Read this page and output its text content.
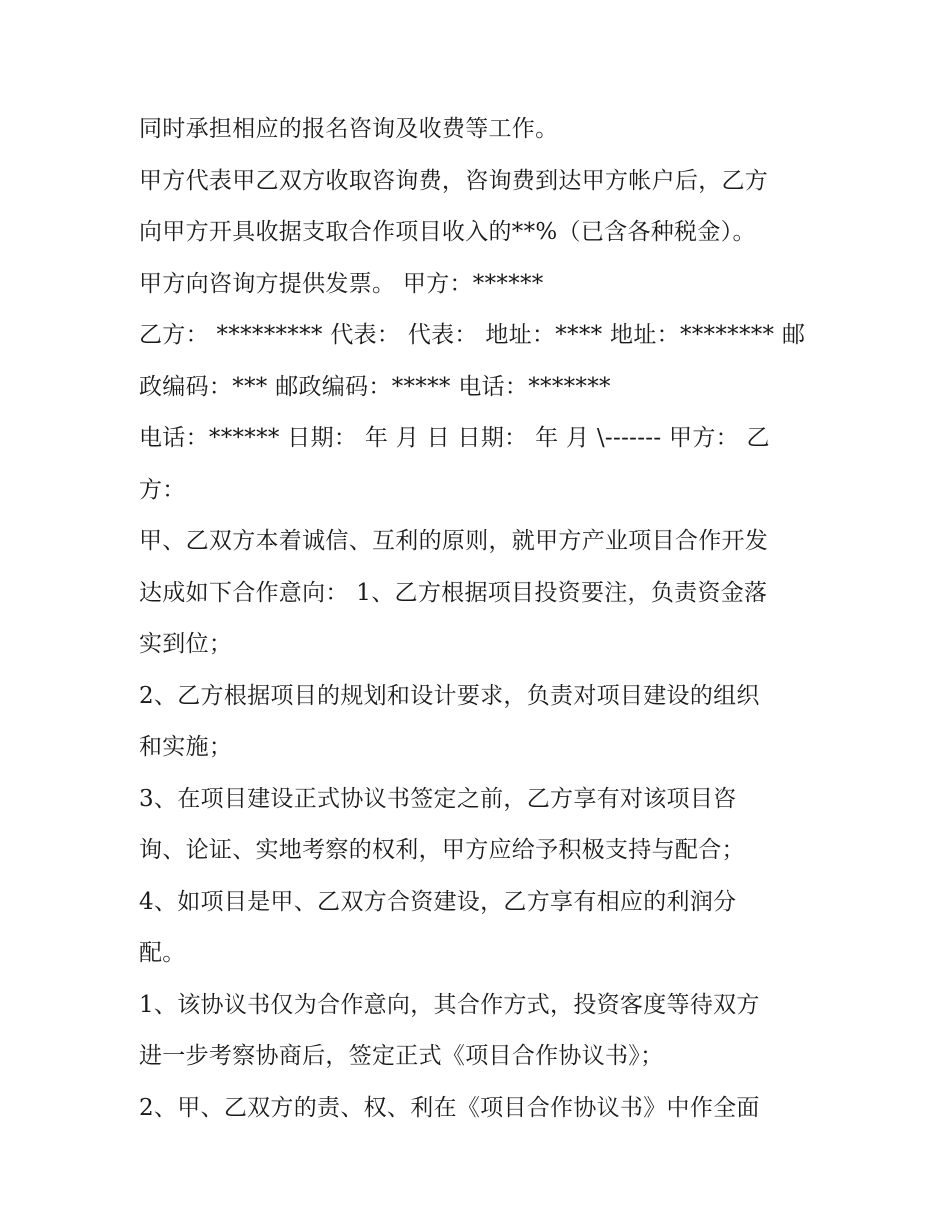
同时承担相应的报名咨询及收费等工作。
甲方代表甲乙双方收取咨询费，咨询费到达甲方帐户后，乙方
向甲方开具收据支取合作项目收入的**%（已含各种税金）。
甲方向咨询方提供发票。 甲方：******
乙方： ********* 代表： 代表： 地址：**** 地址：******** 邮
政编码：*** 邮政编码：***** 电话：*******
电话：****** 日期： 年 月 日 日期： 年 月 \------- 甲方： 乙
方：
甲、乙双方本着诚信、互利的原则，就甲方产业项目合作开发
达成如下合作意向： 1、乙方根据项目投资要注，负责资金落
实到位；
2、乙方根据项目的规划和设计要求，负责对项目建设的组织
和实施；
3、在项目建设正式协议书签定之前，乙方享有对该项目咨
询、论证、实地考察的权利，甲方应给予积极支持与配合；
4、如项目是甲、乙双方合资建设，乙方享有相应的利润分
配。
1、该协议书仅为合作意向，其合作方式，投资客度等待双方
进一步考察协商后，签定正式《项目合作协议书》；
2、甲、乙双方的责、权、利在《项目合作协议书》中作全面
